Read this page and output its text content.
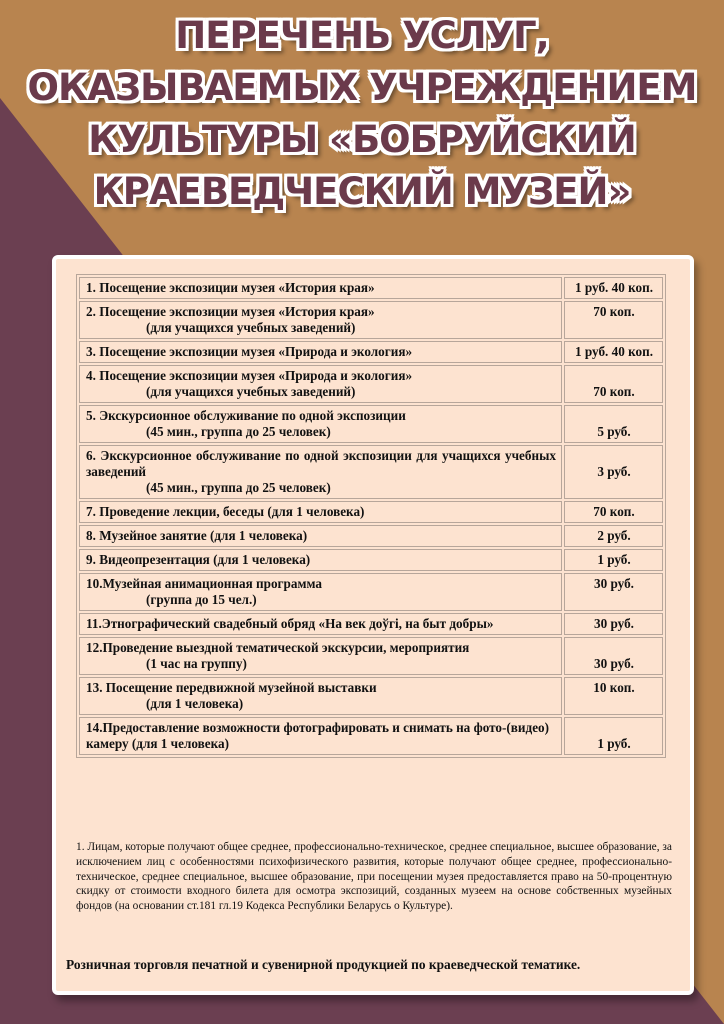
ПЕРЕЧЕНЬ УСЛУГ,
ОКАЗЫВАЕМЫХ УЧРЕЖДЕНИЕМ
КУЛЬТУРЫ «БОБРУЙСКИЙ
КРАЕВЕДЧЕСКИЙ МУЗЕЙ»
1. Посещение экспозиции музея «История края»	1 руб. 40 коп.
2. Посещение экспозиции музея «История края»
(для учащихся учебных заведений)	70 коп.
3. Посещение экспозиции музея «Природа и экология»	1 руб. 40 коп.
4. Посещение экспозиции музея «Природа и экология»
(для учащихся учебных заведений)	70 коп.
5. Экскурсионное обслуживание по одной экспозиции
(45 мин., группа до 25 человек)	5 руб.
6. Экскурсионное обслуживание по одной экспозиции для учащихся учебных заведений
(45 мин., группа до 25 человек)	3 руб.
7. Проведение лекции, беседы (для 1 человека)	70 коп.
8. Музейное занятие (для 1 человека)	2 руб.
9. Видеопрезентация (для 1 человека)	1 руб.
10.Музейная анимационная программа
(группа до 15 чел.)	30 руб.
11.Этнографический свадебный обряд «На век доўгі, на быт добры»	30 руб.
12.Проведение выездной тематической экскурсии, мероприятия
(1 час на группу)	30 руб.
13. Посещение передвижной музейной выставки
(для 1 человека)	10 коп.
14.Предоставление возможности фотографировать и снимать на фото-(видео) камеру (для 1 человека)	1 руб.

1. Лицам, которые получают общее среднее, профессионально-техническое, среднее специальное, высшее образование, за исключением лиц с особенностями психофизического развития, которые получают общее среднее, профессионально-техническое, среднее специальное, высшее образование, при посещении музея предоставляется право на 50-процентную скидку от стоимости входного билета для осмотра экспозиций, созданных музеем на основе собственных музейных фондов (на основании ст.181 гл.19 Кодекса Республики Беларусь о Культуре).

Розничная торговля печатной и сувенирной продукцией по краеведческой тематике.
